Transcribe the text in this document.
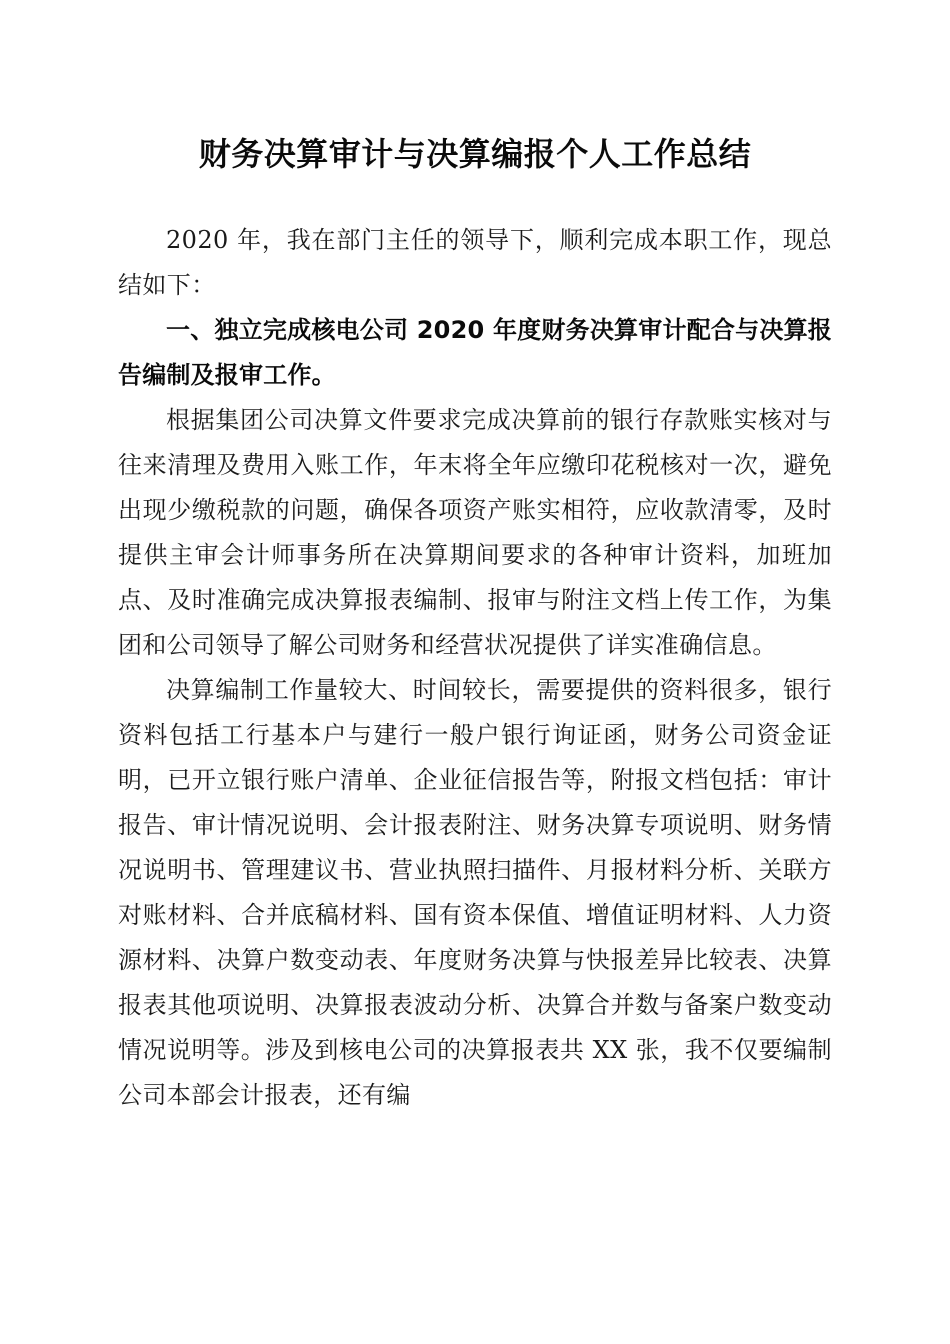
财务决算审计与决算编报个人工作总结

2020 年，我在部门主任的领导下，顺利完成本职工作，现总结如下：

一、独立完成核电公司 2020 年度财务决算审计配合与决算报告编制及报审工作。

根据集团公司决算文件要求完成决算前的银行存款账实核对与往来清理及费用入账工作，年末将全年应缴印花税核对一次，避免出现少缴税款的问题，确保各项资产账实相符，应收款清零，及时提供主审会计师事务所在决算期间要求的各种审计资料，加班加点、及时准确完成决算报表编制、报审与附注文档上传工作，为集团和公司领导了解公司财务和经营状况提供了详实准确信息。

决算编制工作量较大、时间较长，需要提供的资料很多，银行资料包括工行基本户与建行一般户银行询证函，财务公司资金证明，已开立银行账户清单、企业征信报告等，附报文档包括：审计报告、审计情况说明、会计报表附注、财务决算专项说明、财务情况说明书、管理建议书、营业执照扫描件、月报材料分析、关联方对账材料、合并底稿材料、国有资本保值、增值证明材料、人力资源材料、决算户数变动表、年度财务决算与快报差异比较表、决算报表其他项说明、决算报表波动分析、决算合并数与备案户数变动情况说明等。涉及到核电公司的决算报表共 XX 张，我不仅要编制公司本部会计报表，还有编
